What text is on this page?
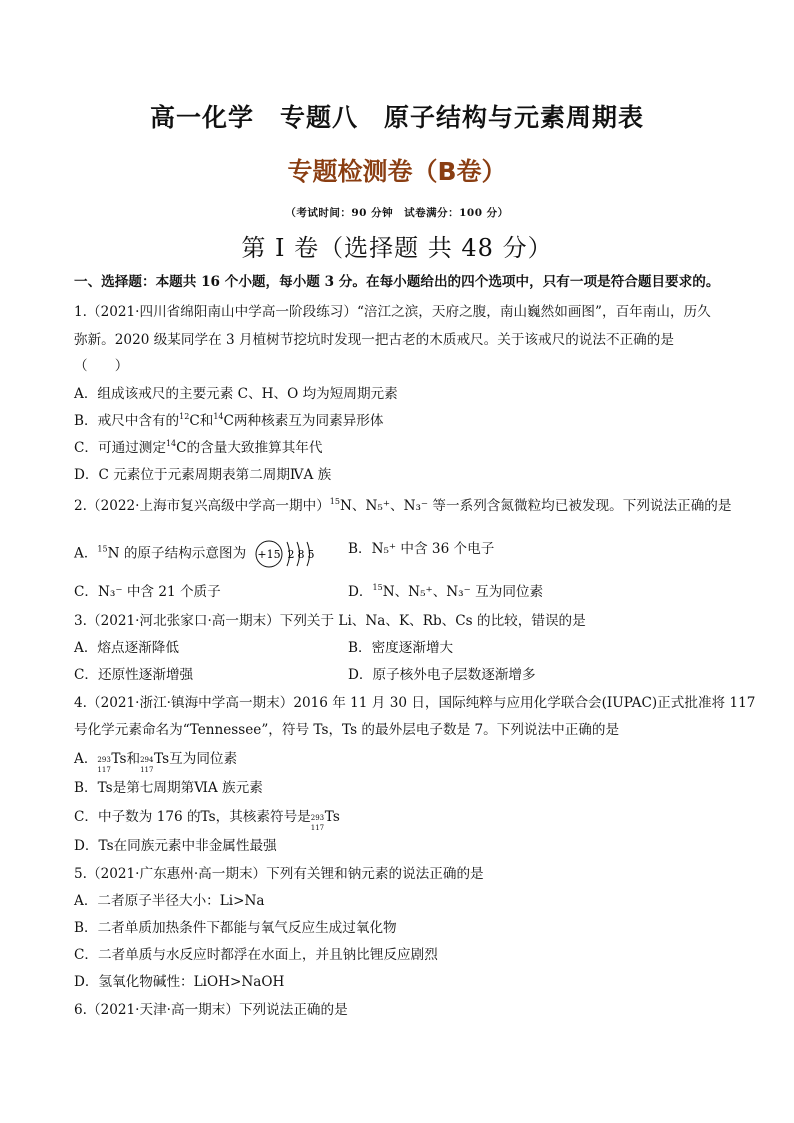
高一化学　专题八　原子结构与元素周期表
专题检测卷（B卷）
（考试时间：90 分钟　试卷满分：100 分）
第 I 卷（选择题 共 48 分）
一、选择题：本题共 16 个小题，每小题 3 分。在每小题给出的四个选项中，只有一项是符合题目要求的。
1.（2021·四川省绵阳南山中学高一阶段练习）“涪江之滨，天府之腹，南山巍然如画图”，百年南山，历久
弥新。2020 级某同学在 3 月植树节挖坑时发现一把古老的木质戒尺。关于该戒尺的说法不正确的是
（　　）
A．组成该戒尺的主要元素 C、H、O 均为短周期元素
B．戒尺中含有的$^{12}$C和$^{14}$C两种核素互为同素异形体
C．可通过测定$^{14}$C的含量大致推算其年代
D．C 元素位于元素周期表第二周期ⅣA 族
2.（2022·上海市复兴高级中学高一期中）$^{15}$N、N₅⁺、N₃⁻ 等一系列含氮微粒均已被发现。下列说法正确的是
A．$^{15}$N 的原子结构示意图为 +15 2 8 5	B．N₅⁺ 中含 36 个电子
C．N₃⁻ 中含 21 个质子	D．$^{15}$N、N₅⁺、N₃⁻ 互为同位素
3.（2021·河北张家口·高一期末）下列关于 Li、Na、K、Rb、Cs 的比较，错误的是
A．熔点逐渐降低	B．密度逐渐增大
C．还原性逐渐增强	D．原子核外电子层数逐渐增多
4.（2021·浙江·镇海中学高一期末）2016 年 11 月 30 日，国际纯粹与应用化学联合会(IUPAC)正式批准将 117
号化学元素命名为“Tennessee”，符号 Ts，Ts 的最外层电子数是 7。下列说法中正确的是
A． 293
117
Ts和 294
117
Ts互为同位素
B．Ts是第七周期第ⅥA 族元素
C．中子数为 176 的Ts，其核素符号是 293
117
Ts
D．Ts在同族元素中非金属性最强
5.（2021·广东惠州·高一期末）下列有关锂和钠元素的说法正确的是
A．二者原子半径大小：Li>Na
B．二者单质加热条件下都能与氧气反应生成过氧化物
C．二者单质与水反应时都浮在水面上，并且钠比锂反应剧烈
D．氢氧化物碱性：LiOH>NaOH
6.（2021·天津·高一期末）下列说法正确的是
